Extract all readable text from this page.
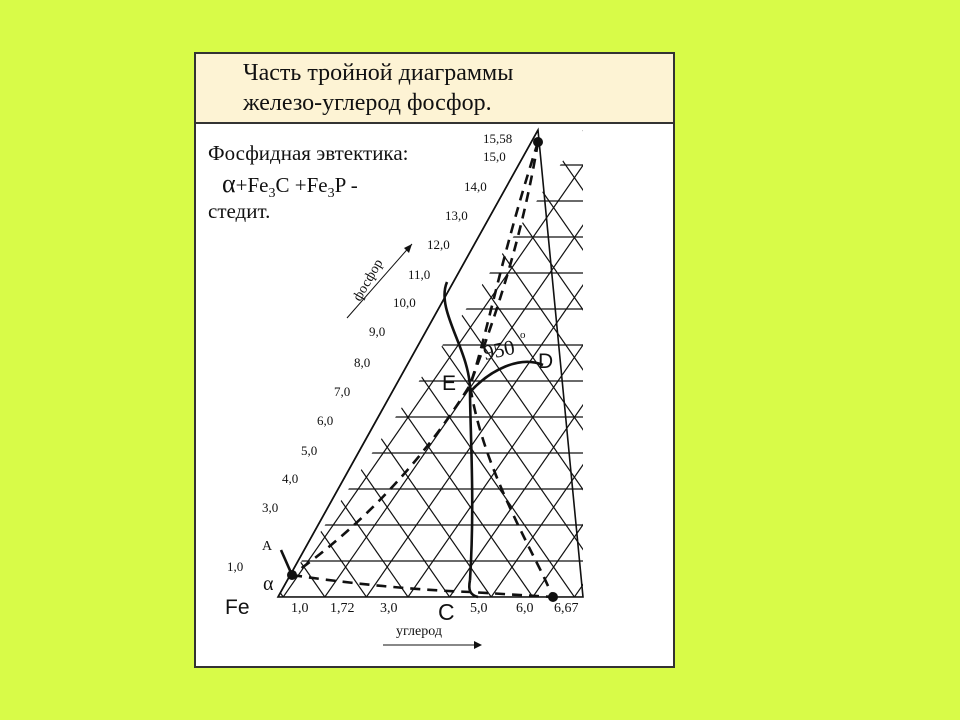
Часть тройной диаграммы
железо-углерод фосфор.
15,58
15,0
14,0
13,0
12,0
11,0
10,0
9,0
8,0
7,0
6,0
5,0
4,0
3,0
1,0
1,0 1,72 3,0	5,0 6,0 6,67
Fe
A
α
C
D
E
950 o
фосфор
углерод
Фосфидная эвтектика:
$\alpha+Fe_3C +Fe_3P$ -
стедит.
